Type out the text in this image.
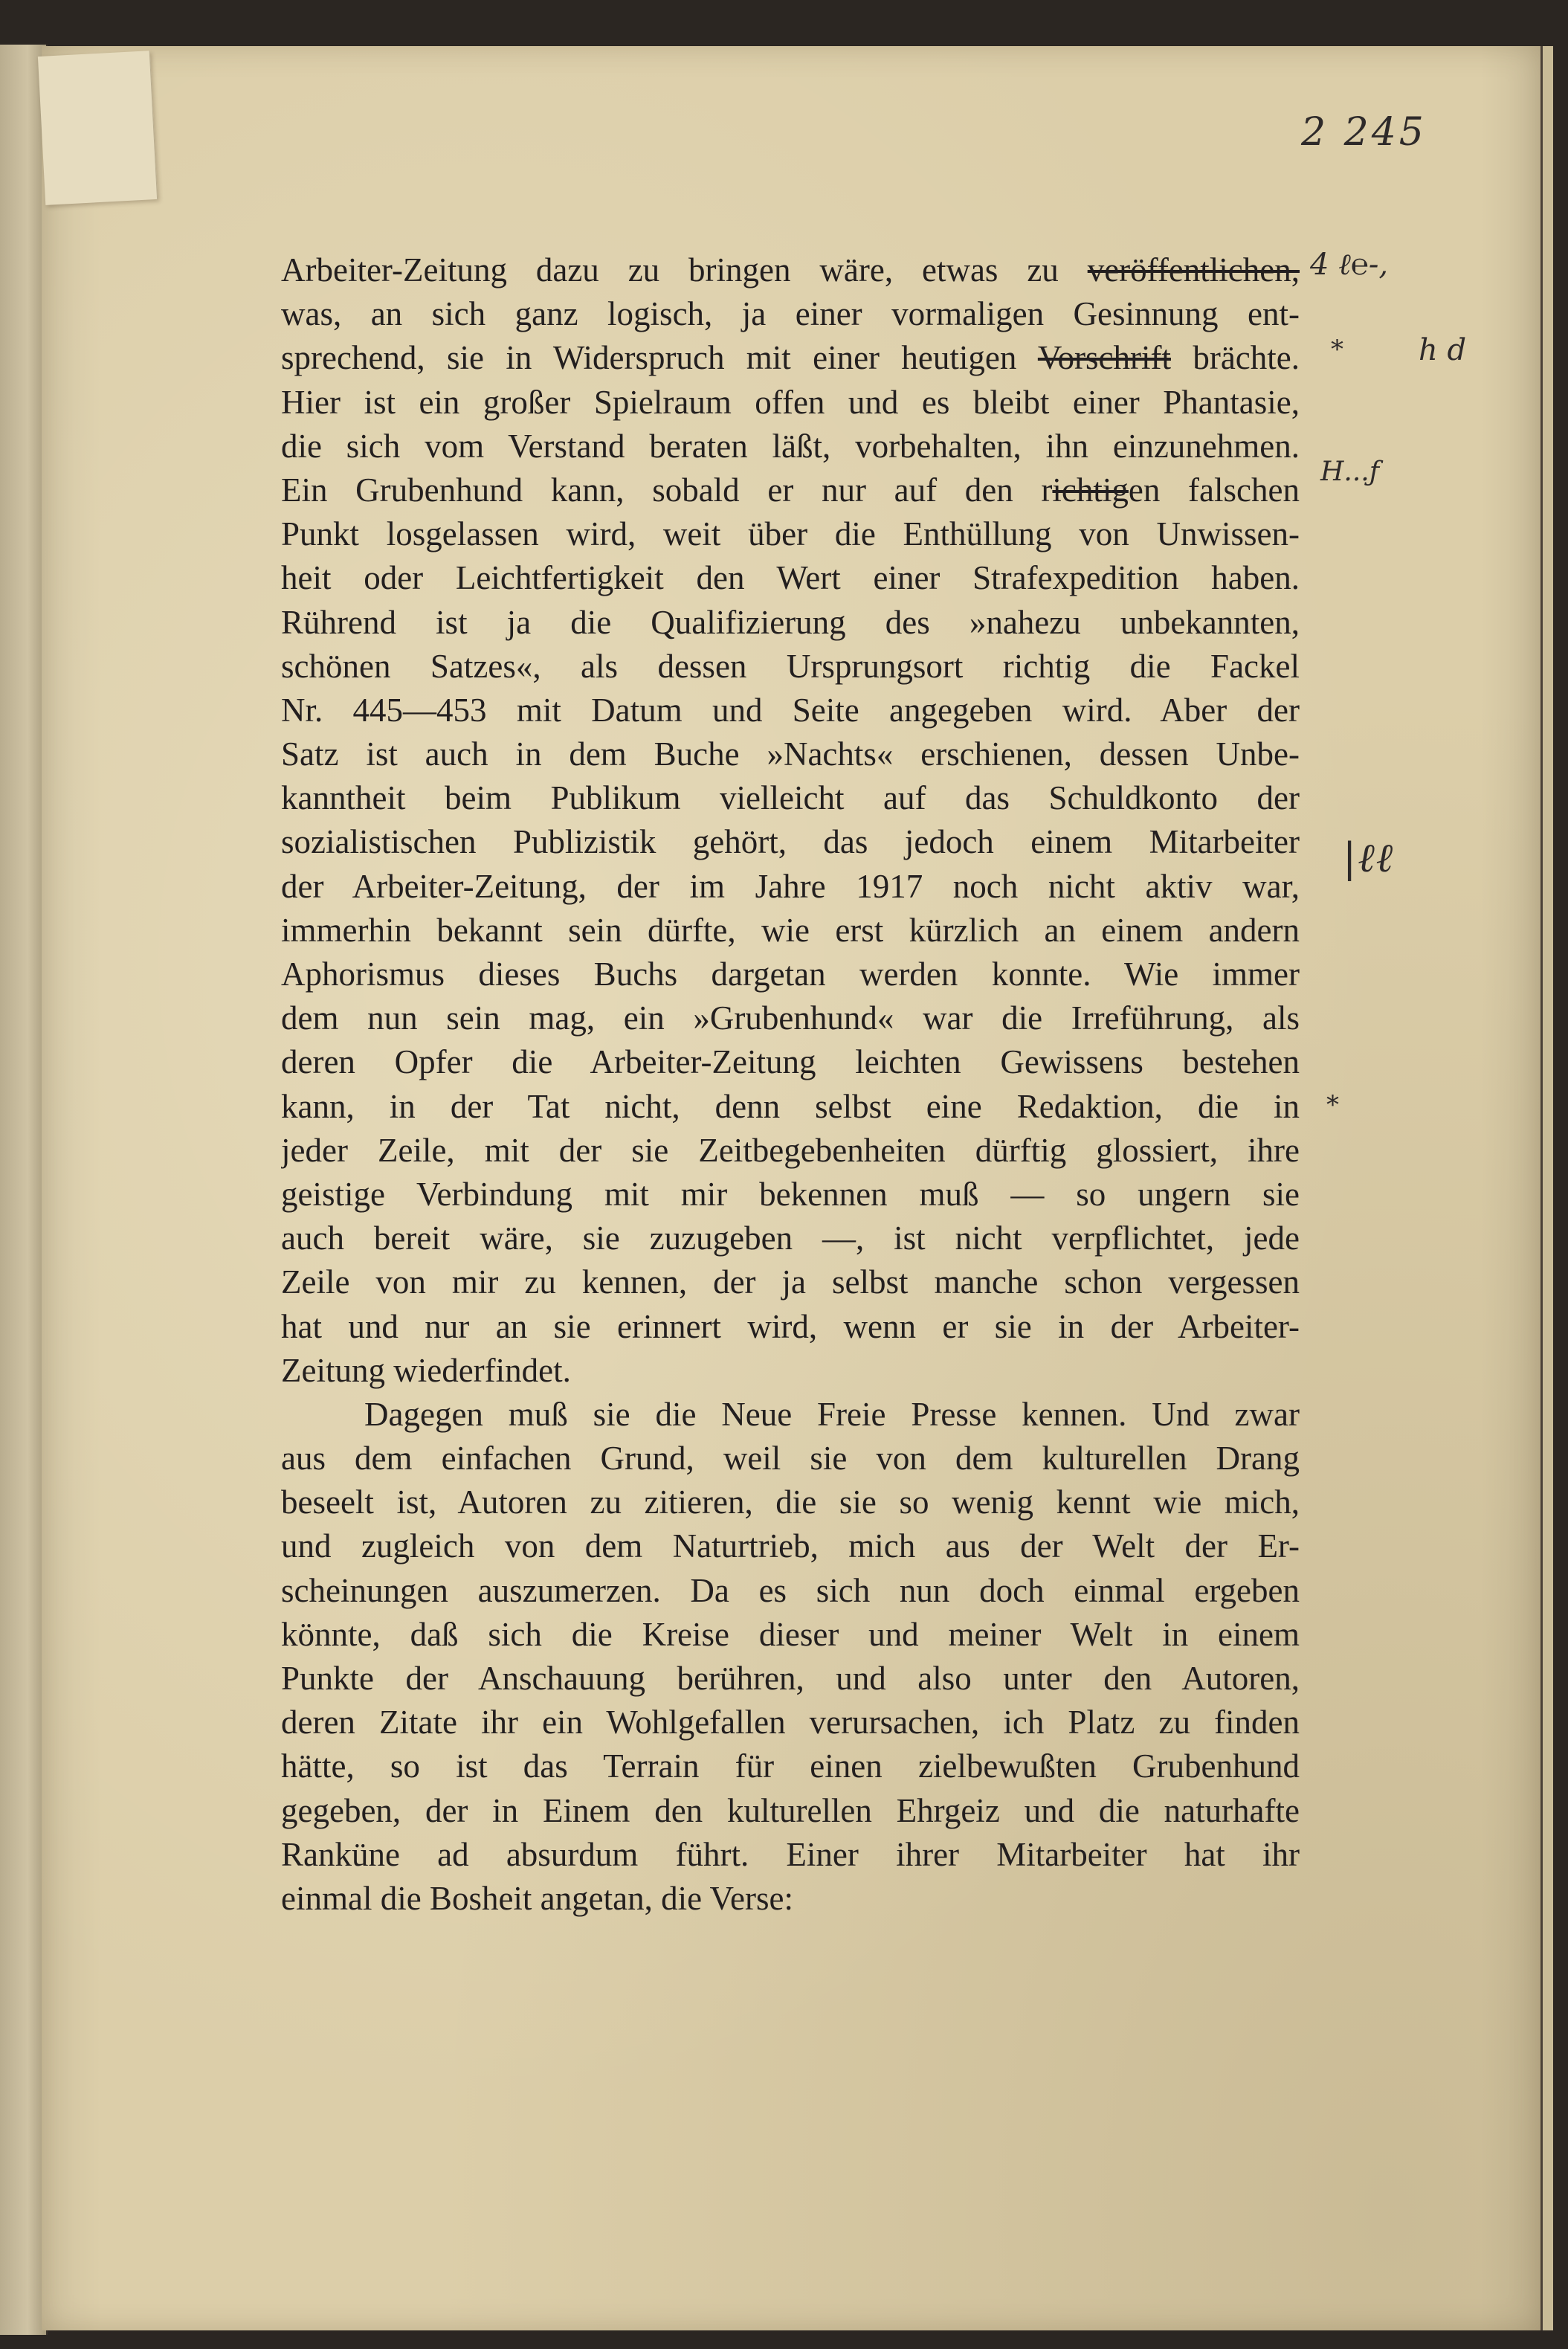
2 245
4 ℓ℮-,
h d
H...ƒ
|ℓℓ
*
*
Arbeiter-Zeitung dazu zu bringen wäre, etwas zu veröffentlichen,
was, an sich ganz logisch, ja einer vormaligen Gesinnung ent-
sprechend, sie in Widerspruch mit einer heutigen Vorschrift brächte.
Hier ist ein großer Spielraum offen und es bleibt einer Phantasie,
die sich vom Verstand beraten läßt, vorbehalten, ihn einzunehmen.
Ein Grubenhund kann, sobald er nur auf den richtigen falschen
Punkt losgelassen wird, weit über die Enthüllung von Unwissen-
heit oder Leichtfertigkeit den Wert einer Strafexpedition haben.
Rührend ist ja die Qualifizierung des »nahezu unbekannten,
schönen Satzes«, als dessen Ursprungsort richtig die Fackel
Nr. 445—453 mit Datum und Seite angegeben wird. Aber der
Satz ist auch in dem Buche »Nachts« erschienen, dessen Unbe-
kanntheit beim Publikum vielleicht auf das Schuldkonto der
sozialistischen Publizistik gehört, das jedoch einem Mitarbeiter
der Arbeiter-Zeitung, der im Jahre 1917 noch nicht aktiv war,
immerhin bekannt sein dürfte, wie erst kürzlich an einem andern
Aphorismus dieses Buchs dargetan werden konnte. Wie immer
dem nun sein mag, ein »Grubenhund« war die Irreführung, als
deren Opfer die Arbeiter-Zeitung leichten Gewissens bestehen
kann, in der Tat nicht, denn selbst eine Redaktion, die in
jeder Zeile, mit der sie Zeitbegebenheiten dürftig glossiert, ihre
geistige Verbindung mit mir bekennen muß — so ungern sie
auch bereit wäre, sie zuzugeben —, ist nicht verpflichtet, jede
Zeile von mir zu kennen, der ja selbst manche schon vergessen
hat und nur an sie erinnert wird, wenn er sie in der Arbeiter-
Zeitung wiederfindet.
Dagegen muß sie die Neue Freie Presse kennen. Und zwar
aus dem einfachen Grund, weil sie von dem kulturellen Drang
beseelt ist, Autoren zu zitieren, die sie so wenig kennt wie mich,
und zugleich von dem Naturtrieb, mich aus der Welt der Er-
scheinungen auszumerzen. Da es sich nun doch einmal ergeben
könnte, daß sich die Kreise dieser und meiner Welt in einem
Punkte der Anschauung berühren, und also unter den Autoren,
deren Zitate ihr ein Wohlgefallen verursachen, ich Platz zu finden
hätte, so ist das Terrain für einen zielbewußten Grubenhund
gegeben, der in Einem den kulturellen Ehrgeiz und die naturhafte
Ranküne ad absurdum führt. Einer ihrer Mitarbeiter hat ihr
einmal die Bosheit angetan, die Verse:
